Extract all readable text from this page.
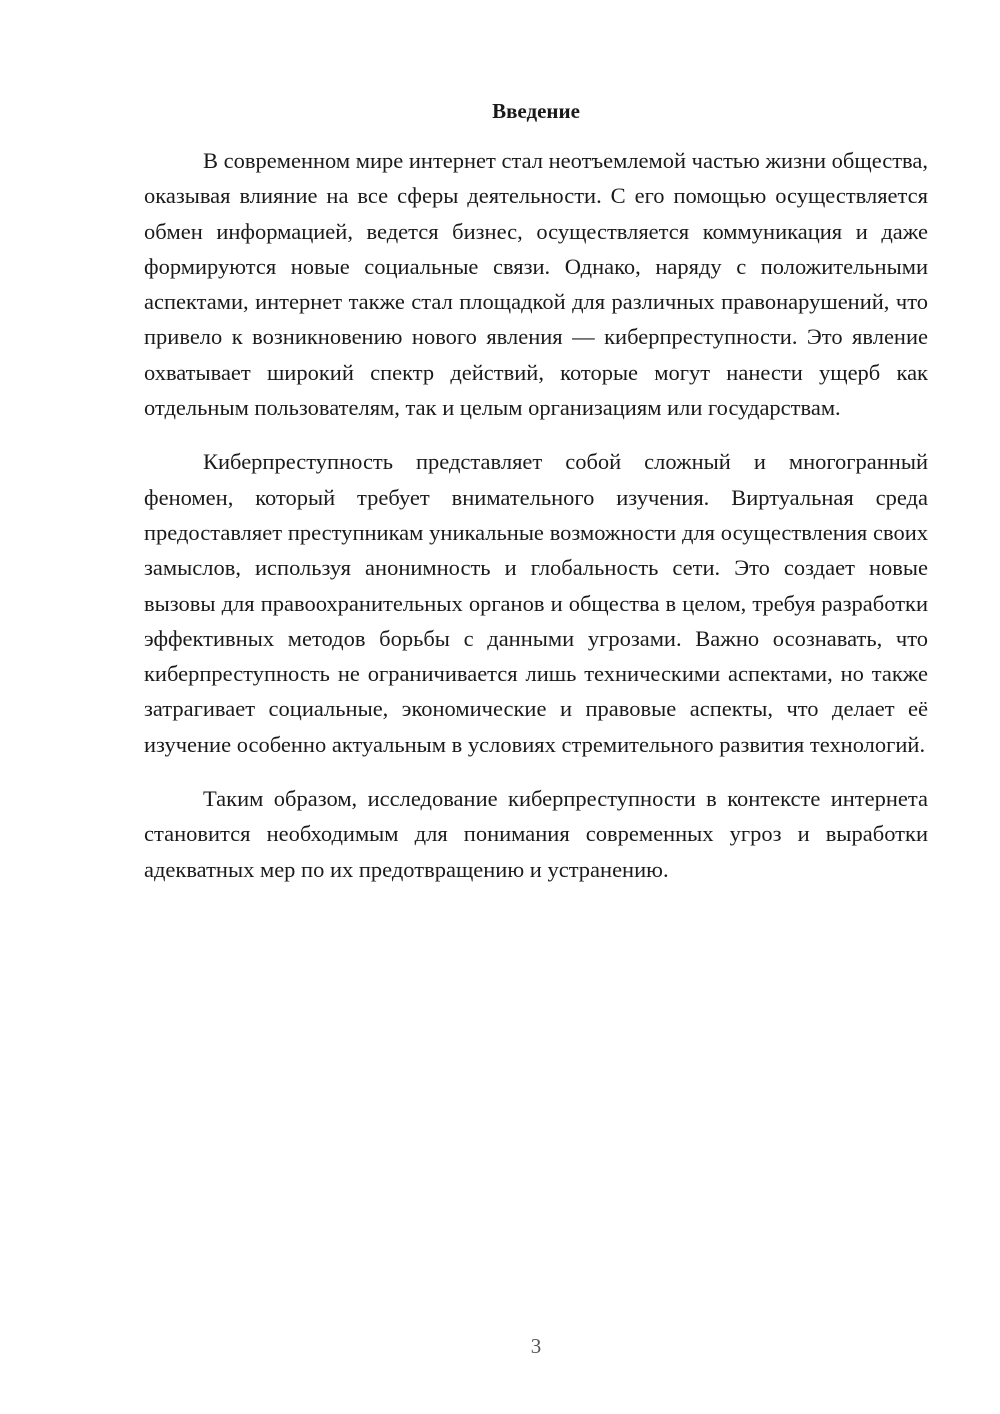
Введение

В современном мире интернет стал неотъемлемой частью жизни общества, оказывая влияние на все сферы деятельности. С его помощью осуществляется обмен информацией, ведется бизнес, осуществляется коммуникация и даже формируются новые социальные связи. Однако, наряду с положительными аспектами, интернет также стал площадкой для различных правонарушений, что привело к возникновению нового явления — киберпреступности. Это явление охватывает широкий спектр действий, которые могут нанести ущерб как отдельным пользователям, так и целым организациям или государствам.

Киберпреступность представляет собой сложный и многогранный феномен, который требует внимательного изучения. Виртуальная среда предоставляет преступникам уникальные возможности для осуществления своих замыслов, используя анонимность и глобальность сети. Это создает новые вызовы для правоохранительных органов и общества в целом, требуя разработки эффективных методов борьбы с данными угрозами. Важно осознавать, что киберпреступность не ограничивается лишь техническими аспектами, но также затрагивает социальные, экономические и правовые аспекты, что делает её изучение особенно актуальным в условиях стремительного развития технологий.

Таким образом, исследование киберпреступности в контексте интернета становится необходимым для понимания современных угроз и выработки адекватных мер по их предотвращению и устранению.

3
